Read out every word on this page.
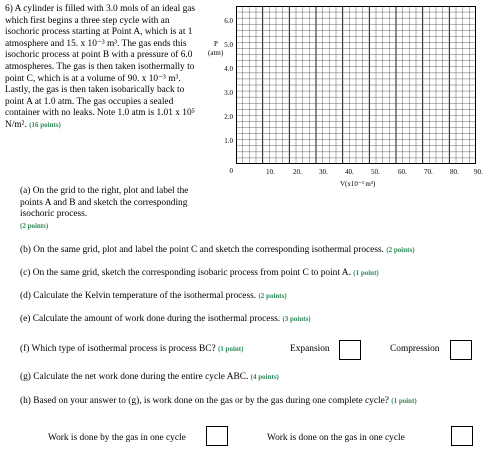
6) A cylinder is filled with 3.0 mols of an ideal gas which first begins a three step cycle with an isochoric process starting at Point A, which is at 1 atmosphere and 15. x 10⁻³ m³. The gas ends this isochoric process at point B with a pressure of 6.0 atmospheres. The gas is then taken isothermally to point C, which is at a volume of 90. x 10⁻³ m³. Lastly, the gas is then taken isobarically back to point A at 1.0 atm. The gas occupies a sealed container with no leaks. Note 1.0 atm is 1.01 x 10⁵ N/m². (16 points)
P
(atm)
6.0
5.0
4.0
3.0
2.0
1.0
0	10.	20. 30. 40. 50.	60. 70. 80. 90.
V(x10⁻³ m³)
(a) On the grid to the right, plot and label the points A and B and sketch the corresponding isochoric process.
(2 points)
(b) On the same grid, plot and label the point C and sketch the corresponding isothermal process. (2 points)
(c) On the same grid, sketch the corresponding isobaric process from point C to point A. (1 point)
(d) Calculate the Kelvin temperature of the isothermal process. (2 points)
(e) Calculate the amount of work done during the isothermal process. (3 points)
(f) Which type of isothermal process is process BC? (1 point)	Expansion	Compression
(g) Calculate the net work done during the entire cycle ABC. (4 points)
(h) Based on your answer to (g), is work done on the gas or by the gas during one complete cycle? (1 point)
Work is done by the gas in one cycle	Work is done on the gas in one cycle
